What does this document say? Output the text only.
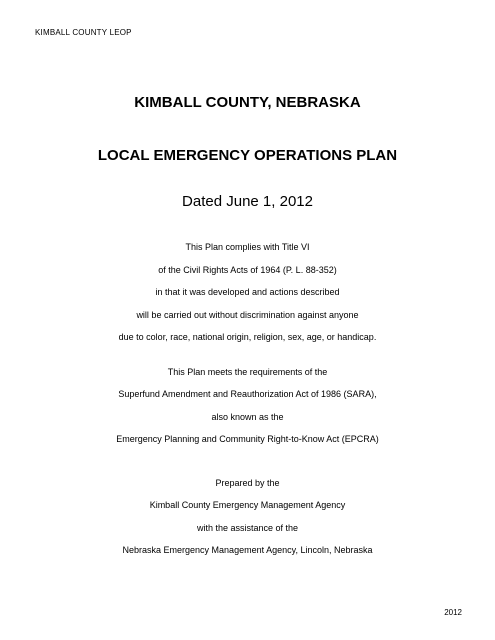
KIMBALL COUNTY LEOP
KIMBALL COUNTY, NEBRASKA
LOCAL EMERGENCY OPERATIONS PLAN
Dated June 1, 2012
This Plan complies with Title VI
of the Civil Rights Acts of 1964 (P. L. 88-352)
in that it was developed and actions described
will be carried out without discrimination against anyone
due to color, race, national origin, religion, sex, age, or handicap.
This Plan meets the requirements of the
Superfund Amendment and Reauthorization Act of 1986 (SARA),
also known as the
Emergency Planning and Community Right-to-Know Act (EPCRA)
Prepared by the
Kimball County Emergency Management Agency
with the assistance of the
Nebraska Emergency Management Agency, Lincoln, Nebraska
2012
